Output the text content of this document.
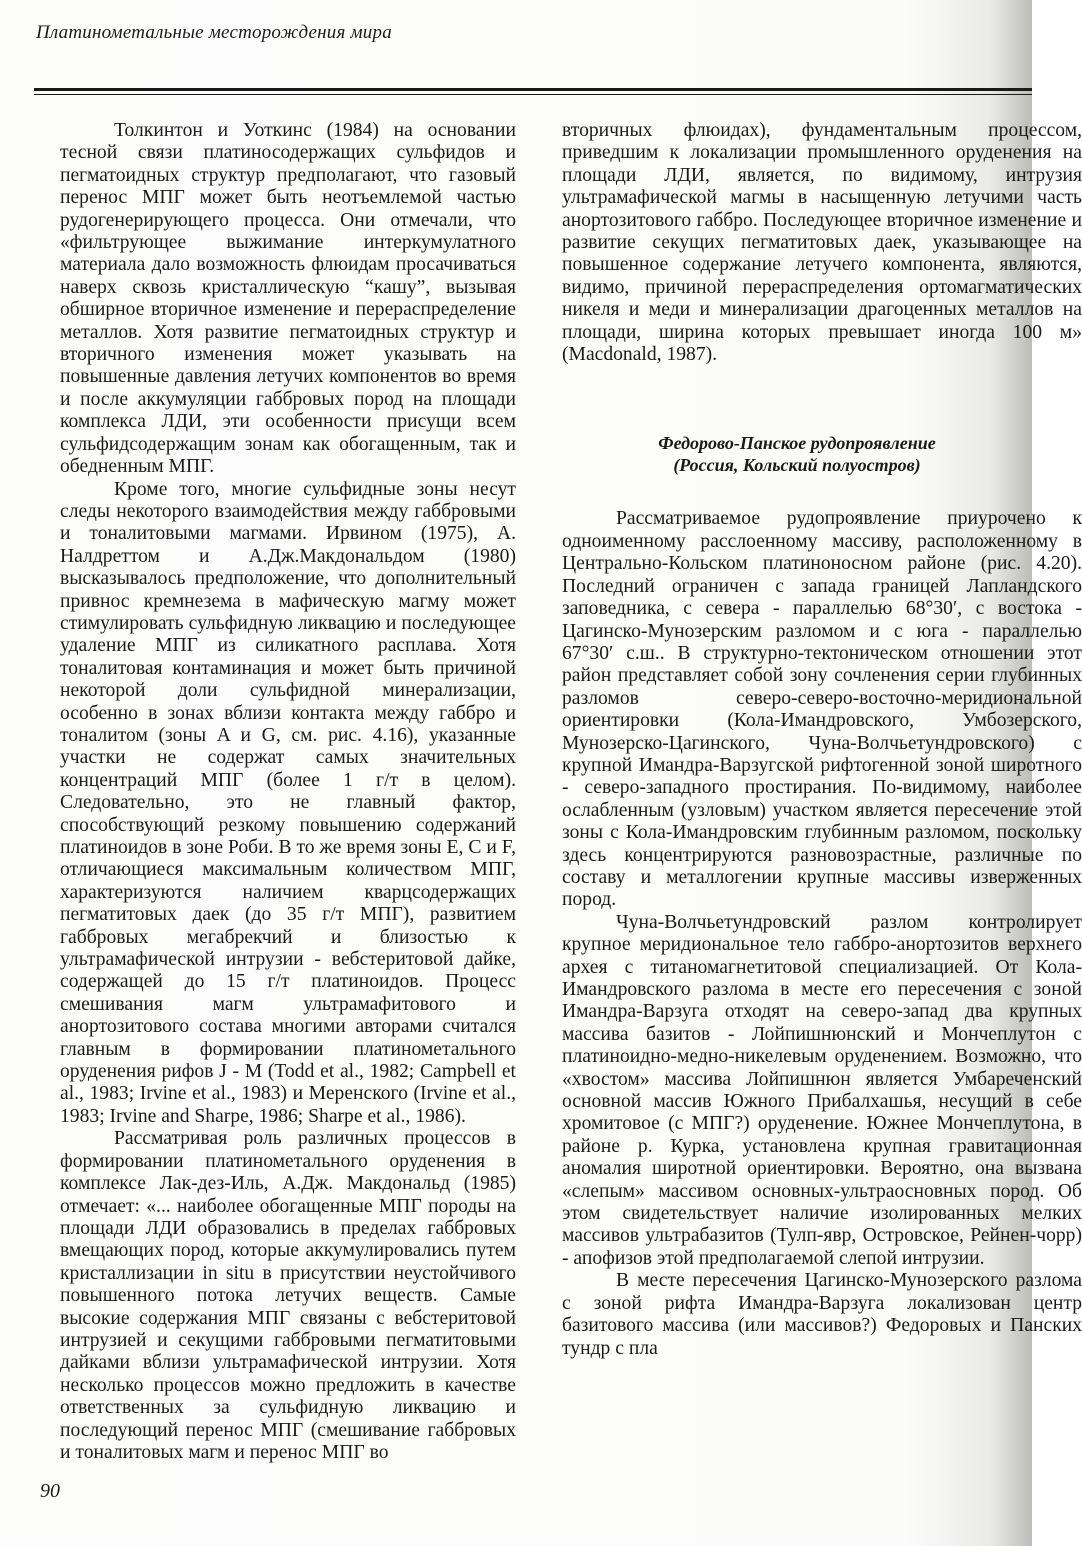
Платинометальные месторождения мира

Толкинтон и Уоткинс (1984) на основании тесной связи платиносодержащих сульфидов и пегматоидных структур предполагают, что газовый перенос МПГ может быть неотъемлемой частью рудогенерирующего процесса. Они отмечали, что «фильтрующее выжимание интеркумулатного материала дало возможность флюидам просачиваться наверх сквозь кристаллическую “кашу”, вызывая обширное вторичное изменение и перераспределение металлов. Хотя развитие пегматоидных структур и вторичного изменения может указывать на повышенные давления летучих компонентов во время и после аккумуляции габбровых пород на площади комплекса ЛДИ, эти особенности присущи всем сульфидсодержащим зонам как обогащенным, так и обедненным МПГ.

Кроме того, многие сульфидные зоны несут следы некоторого взаимодействия между габбровыми и тоналитовыми магмами. Ирвином (1975), А. Налдреттом и А.Дж.Макдональдом (1980) высказывалось предположение, что дополнительный привнос кремнезема в мафическую магму может стимулировать сульфидную ликвацию и последующее удаление МПГ из силикатного расплава. Хотя тоналитовая контаминация и может быть причиной некоторой доли сульфидной минерализации, особенно в зонах вблизи контакта между габбро и тоналитом (зоны A и G, см. рис. 4.16), указанные участки не содержат самых значительных концентраций МПГ (более 1 г/т в целом). Следовательно, это не главный фактор, способствующий резкому повышению содержаний платиноидов в зоне Роби. В то же время зоны E, C и F, отличающиеся максимальным количеством МПГ, характеризуются наличием кварцсодержащих пегматитовых даек (до 35 г/т МПГ), развитием габбровых мегабрекчий и близостью к ультрамафической интрузии - вебстеритовой дайке, содержащей до 15 г/т платиноидов. Процесс смешивания магм ультрамафитового и анортозитового состава многими авторами считался главным в формировании платинометального оруденения рифов J - M (Todd et al., 1982; Campbell et al., 1983; Irvine et al., 1983) и Меренского (Irvine et al., 1983; Irvine and Sharpe, 1986; Sharpe et al., 1986).

Рассматривая роль различных процессов в формировании платинометального оруденения в комплексе Лак-дез-Иль, А.Дж. Макдональд (1985) отмечает: «... наиболее обогащенные МПГ породы на площади ЛДИ образовались в пределах габбровых вмещающих пород, которые аккумулировались путем кристаллизации in situ в присутствии неустойчивого повышенного потока летучих веществ. Самые высокие содержания МПГ связаны с вебстеритовой интрузией и секущими габбровыми пегматитовыми дайками вблизи ультрамафической интрузии. Хотя несколько процессов можно предложить в качестве ответственных за сульфидную ликвацию и последующий перенос МПГ (смешивание габбровых и тоналитовых магм и перенос МПГ во

вторичных флюидах), фундаментальным процессом, приведшим к локализации промышленного оруденения на площади ЛДИ, является, по видимому, интрузия ультрамафической магмы в насыщенную летучими часть анортозитового габбро. Последующее вторичное изменение и развитие секущих пегматитовых даек, указывающее на повышенное содержание летучего компонента, являются, видимо, причиной перераспределения ортомагматических никеля и меди и минерализации драгоценных металлов на площади, ширина которых превышает иногда 100 м» (Macdonald, 1987).

Федорово-Панское рудопроявление
(Россия, Кольский полуостров)

Рассматриваемое рудопроявление приурочено к одноименному расслоенному массиву, расположенному в Центрально-Кольском платиноносном районе (рис. 4.20). Последний ограничен с запада границей Лапландского заповедника, с севера - параллелью 68°30′, с востока - Цагинско-Мунозерским разломом и с юга - параллелью 67°30′ с.ш.. В структурно-тектоническом отношении этот район представляет собой зону сочленения серии глубинных разломов северо-северо-восточно-меридиональной ориентировки (Кола-Имандровского, Умбозерского, Мунозерско-Цагинского, Чуна-Волчьетундровского) с крупной Имандра-Варзугской рифтогенной зоной широтного - северо-западного простирания. По-видимому, наиболее ослабленным (узловым) участком является пересечение этой зоны с Кола-Имандровским глубинным разломом, поскольку здесь концентрируются разновозрастные, различные по составу и металлогении крупные массивы изверженных пород.

Чуна-Волчьетундровский разлом контролирует крупное меридиональное тело габбро-анортозитов верхнего архея с титаномагнетитовой специализацией. От Кола-Имандровского разлома в месте его пересечения с зоной Имандра-Варзуга отходят на северо-запад два крупных массива базитов - Лойпишнюнский и Мончеплутон с платиноидно-медно-никелевым оруденением. Возможно, что «хвостом» массива Лойпишнюн является Умбареченский основной массив Южного Прибалхашья, несущий в себе хромитовое (с МПГ?) оруденение. Южнее Мончеплутона, в районе р. Курка, установлена крупная гравитационная аномалия широтной ориентировки. Вероятно, она вызвана «слепым» массивом основных-ультраосновных пород. Об этом свидетельствует наличие изолированных мелких массивов ультрабазитов (Тулп-явр, Островское, Рейнен-чорр) - апофизов этой предполагаемой слепой интрузии.

В месте пересечения Цагинско-Мунозерского разлома с зоной рифта Имандра-Варзуга локализован центр базитового массива (или массивов?) Федоровых и Панских тундр с пла

90
